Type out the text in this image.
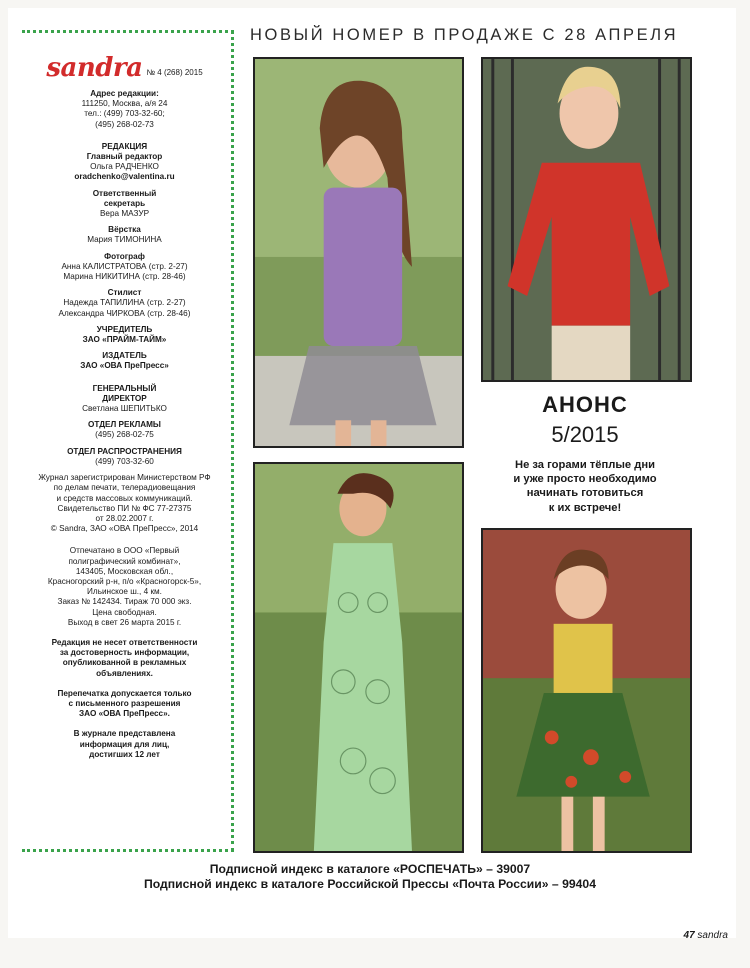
НОВЫЙ НОМЕР В ПРОДАЖЕ С 28 АПРЕЛЯ
sandra № 4 (268) 2015
Адрес редакции:
111250, Москва, а/я 24
тел.: (499) 703-32-60;
(495) 268-02-73
РЕДАКЦИЯ
Главный редактор
Ольга РАДЧЕНКО
oradchenko@valentina.ru
Ответственный
секретарь
Вера МАЗУР
Вёрстка
Мария ТИМОНИНА
Фотограф
Анна КАЛИСТРАТОВА (стр. 2-27)
Марина НИКИТИНА (стр. 28-46)
Стилист
Надежда ТАПИЛИНА (стр. 2-27)
Александра ЧИРКОВА (стр. 28-46)
УЧРЕДИТЕЛЬ
ЗАО «ПРАЙМ-ТАЙМ»
ИЗДАТЕЛЬ
ЗАО «ОВА ПреПресс»
ГЕНЕРАЛЬНЫЙ
ДИРЕКТОР
Светлана ШЕПИТЬКО
ОТДЕЛ РЕКЛАМЫ
(495) 268-02-75
ОТДЕЛ РАСПРОСТРАНЕНИЯ
(499) 703-32-60
Журнал зарегистрирован Министерством РФ
по делам печати, телерадиовещания
и средств массовых коммуникаций.
Свидетельство ПИ № ФС 77-27375
от 28.02.2007 г.
© Sandra, ЗАО «ОВА ПреПресс», 2014
Отпечатано в ООО «Первый
полиграфический комбинат»,
143405, Московская обл.,
Красногорский р-н, п/о «Красногорск-5»,
Ильинское ш., 4 км.
Заказ № 142434. Тираж 70 000 экз.
Цена свободная.
Выход в свет 26 марта 2015 г.
Редакция не несет ответственности
за достоверность информации,
опубликованной в рекламных
объявлениях.
Перепечатка допускается только
с письменного разрешения
ЗАО «ОВА ПреПресс».
В журнале представлена
информация для лиц,
достигших 12 лет
АНОНС
5/2015
Не за горами тёплые дни
и уже просто необходимо
начинать готовиться
к их встрече!
Подписной индекс в каталоге «РОСПЕЧАТЬ» – 39007
Подписной индекс в каталоге Российской Прессы «Почта России» – 99404
47 sandra
